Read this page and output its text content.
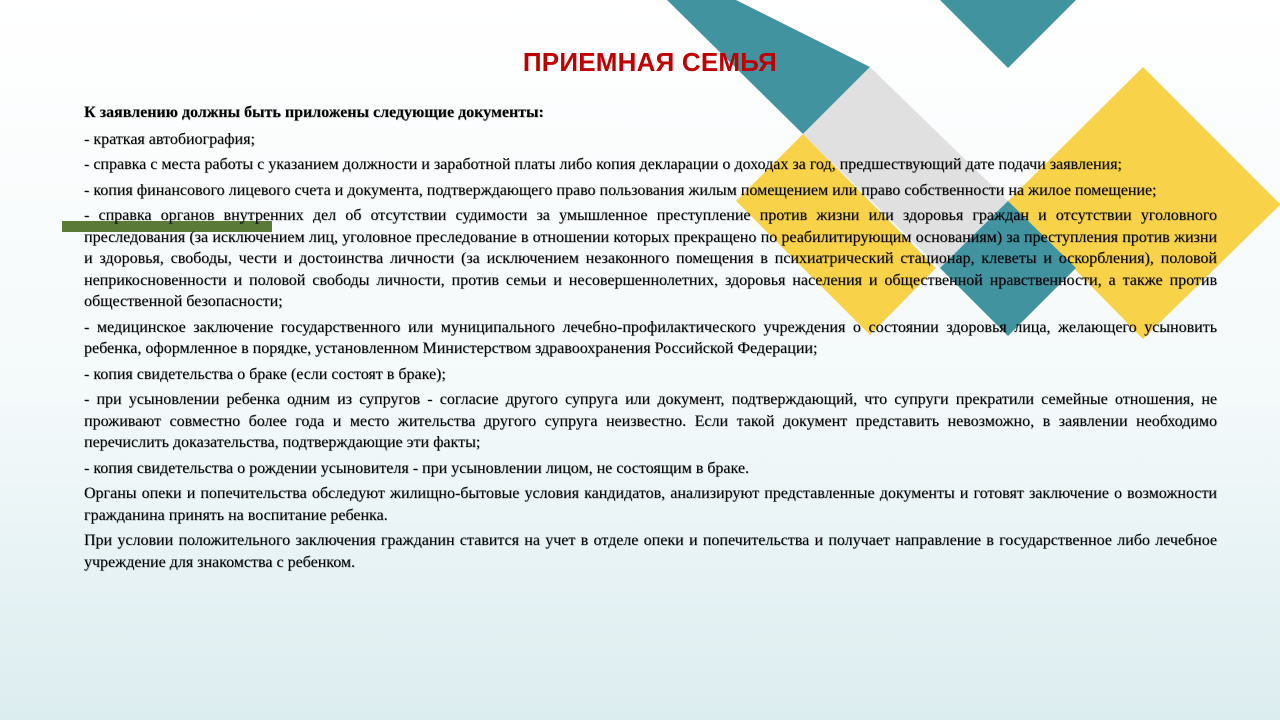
ПРИЕМНАЯ СЕМЬЯ

К заявлению должны быть приложены следующие документы:

- краткая автобиография;

- справка с места работы с указанием должности и заработной платы либо копия декларации о доходах за год, предшествующий дате подачи заявления;

- копия финансового лицевого счета и документа, подтверждающего право пользования жилым помещением или право собственности на жилое помещение;

- справка органов внутренних дел об отсутствии судимости за умышленное преступление против жизни или здоровья граждан и отсутствии уголовного преследования (за исключением лиц, уголовное преследование в отношении которых прекращено по реабилитирующим основаниям) за преступления против жизни и здоровья, свободы, чести и достоинства личности (за исключением незаконного помещения в психиатрический стационар, клеветы и оскорбления), половой неприкосновенности и половой свободы личности, против семьи и несовершеннолетних, здоровья населения и общественной нравственности, а также против общественной безопасности;

- медицинское заключение государственного или муниципального лечебно-профилактического учреждения о состоянии здоровья лица, желающего усыновить ребенка, оформленное в порядке, установленном Министерством здравоохранения Российской Федерации;

- копия свидетельства о браке (если состоят в браке);

- при усыновлении ребенка одним из супругов - согласие другого супруга или документ, подтверждающий, что супруги прекратили семейные отношения, не проживают совместно более года и место жительства другого супруга неизвестно. Если такой документ представить невозможно, в заявлении необходимо перечислить доказательства, подтверждающие эти факты;

- копия свидетельства о рождении усыновителя - при усыновлении лицом, не состоящим в браке.

Органы опеки и попечительства обследуют жилищно-бытовые условия кандидатов, анализируют представленные документы и готовят заключение о возможности гражданина принять на воспитание ребенка.

При условии положительного заключения гражданин ставится на учет в отделе опеки и попечительства и получает направление в государственное либо лечебное учреждение для знакомства с ребенком.
